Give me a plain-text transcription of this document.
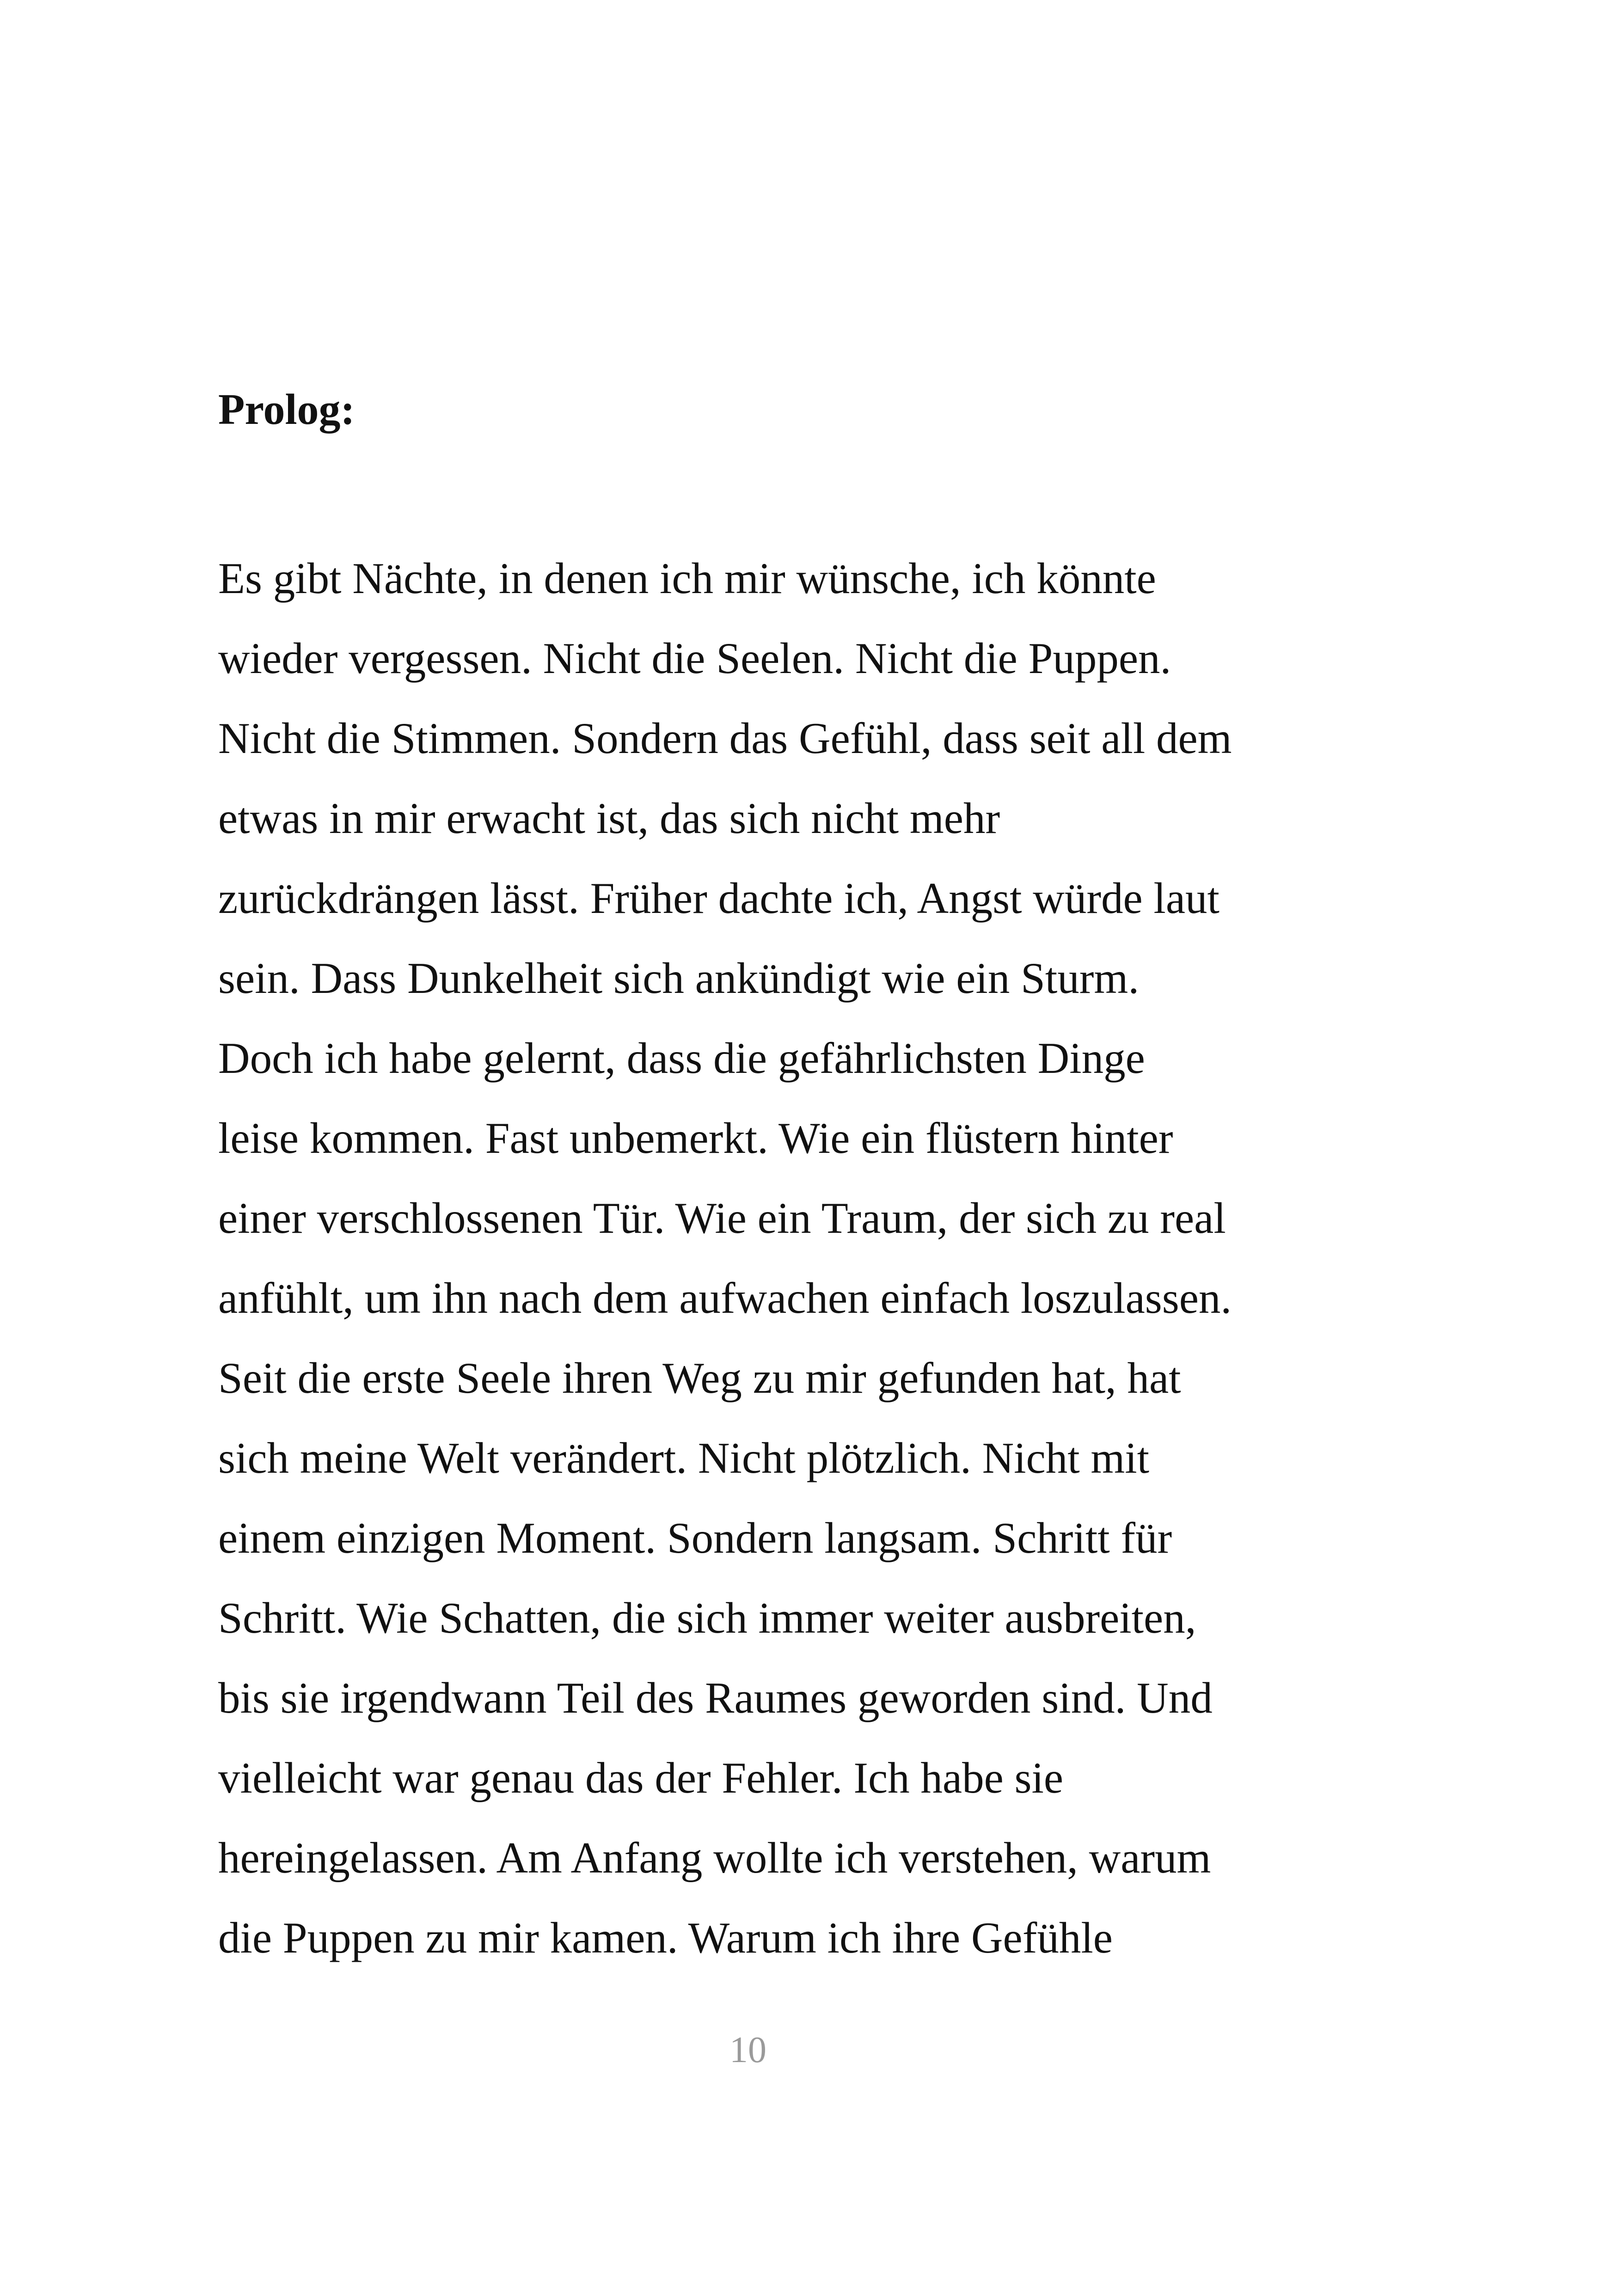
Prolog:
Es gibt Nächte, in denen ich mir wünsche, ich könnte
wieder vergessen. Nicht die Seelen. Nicht die Puppen.
Nicht die Stimmen. Sondern das Gefühl, dass seit all dem
etwas in mir erwacht ist, das sich nicht mehr
zurückdrängen lässt. Früher dachte ich, Angst würde laut
sein. Dass Dunkelheit sich ankündigt wie ein Sturm.
Doch ich habe gelernt, dass die gefährlichsten Dinge
leise kommen. Fast unbemerkt. Wie ein flüstern hinter
einer verschlossenen Tür. Wie ein Traum, der sich zu real
anfühlt, um ihn nach dem aufwachen einfach loszulassen.
Seit die erste Seele ihren Weg zu mir gefunden hat, hat
sich meine Welt verändert. Nicht plötzlich. Nicht mit
einem einzigen Moment. Sondern langsam. Schritt für
Schritt. Wie Schatten, die sich immer weiter ausbreiten,
bis sie irgendwann Teil des Raumes geworden sind. Und
vielleicht war genau das der Fehler. Ich habe sie
hereingelassen. Am Anfang wollte ich verstehen, warum
die Puppen zu mir kamen. Warum ich ihre Gefühle
10
